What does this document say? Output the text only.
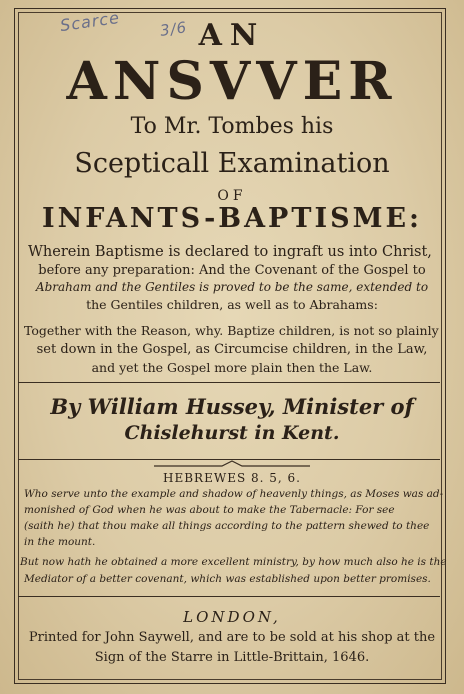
Scarce	3/6 AN
ANSVVER
To Mr. Tombes his
Scepticall Examination
OF
INFANTS-BAPTISME:
Wherein Baptisme is declared to ingraft us into Christ,
before any preparation: And the Covenant of the Gospel to
Abraham and the Gentiles is proved to be the same, extended to
the Gentiles children, as well as to Abrahams:
Together with the Reason, why. Baptize children, is not so plainly
set down in the Gospel, as Circumcise children, in the Law,
and yet the Gospel more plain then the Law.
By William Hussey, Minister of
Chislehurst in Kent.
HEBREWES 8. 5, 6.
Who serve unto the example and shadow of heavenly things, as Moses was ad-
monished of God when he was about to make the Tabernacle: For see
(saith he) that thou make all things according to the pattern shewed to thee
in the mount.
But now hath he obtained a more excellent ministry, by how much also he is the
Mediator of a better covenant, which was established upon better promises.
LONDON,
Printed for John Saywell, and are to be sold at his shop at the
Sign of the Starre in Little-Brittain, 1646.
